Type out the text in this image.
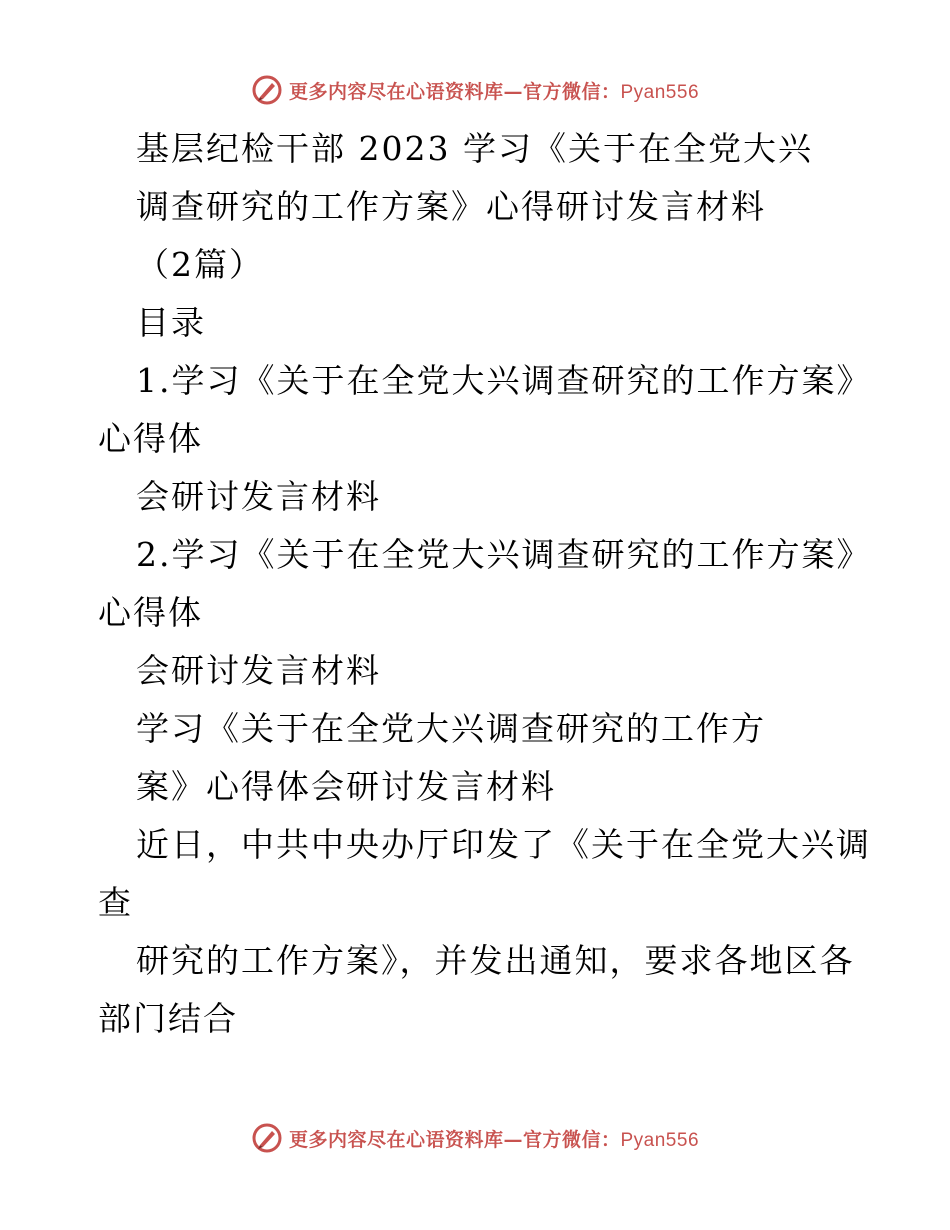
更多内容尽在心语资料库—官方微信：Pyan556
基层纪检干部 2023 学习《关于在全党大兴
调查研究的工作方案》心得研讨发言材料
（2篇）
目录
1.学习《关于在全党大兴调查研究的工作方案》
心得体
会研讨发言材料
2.学习《关于在全党大兴调查研究的工作方案》
心得体
会研讨发言材料
学习《关于在全党大兴调查研究的工作方
案》心得体会研讨发言材料
近日，中共中央办厅印发了《关于在全党大兴调
查
研究的工作方案》，并发出通知，要求各地区各
部门结合
更多内容尽在心语资料库—官方微信：Pyan556
